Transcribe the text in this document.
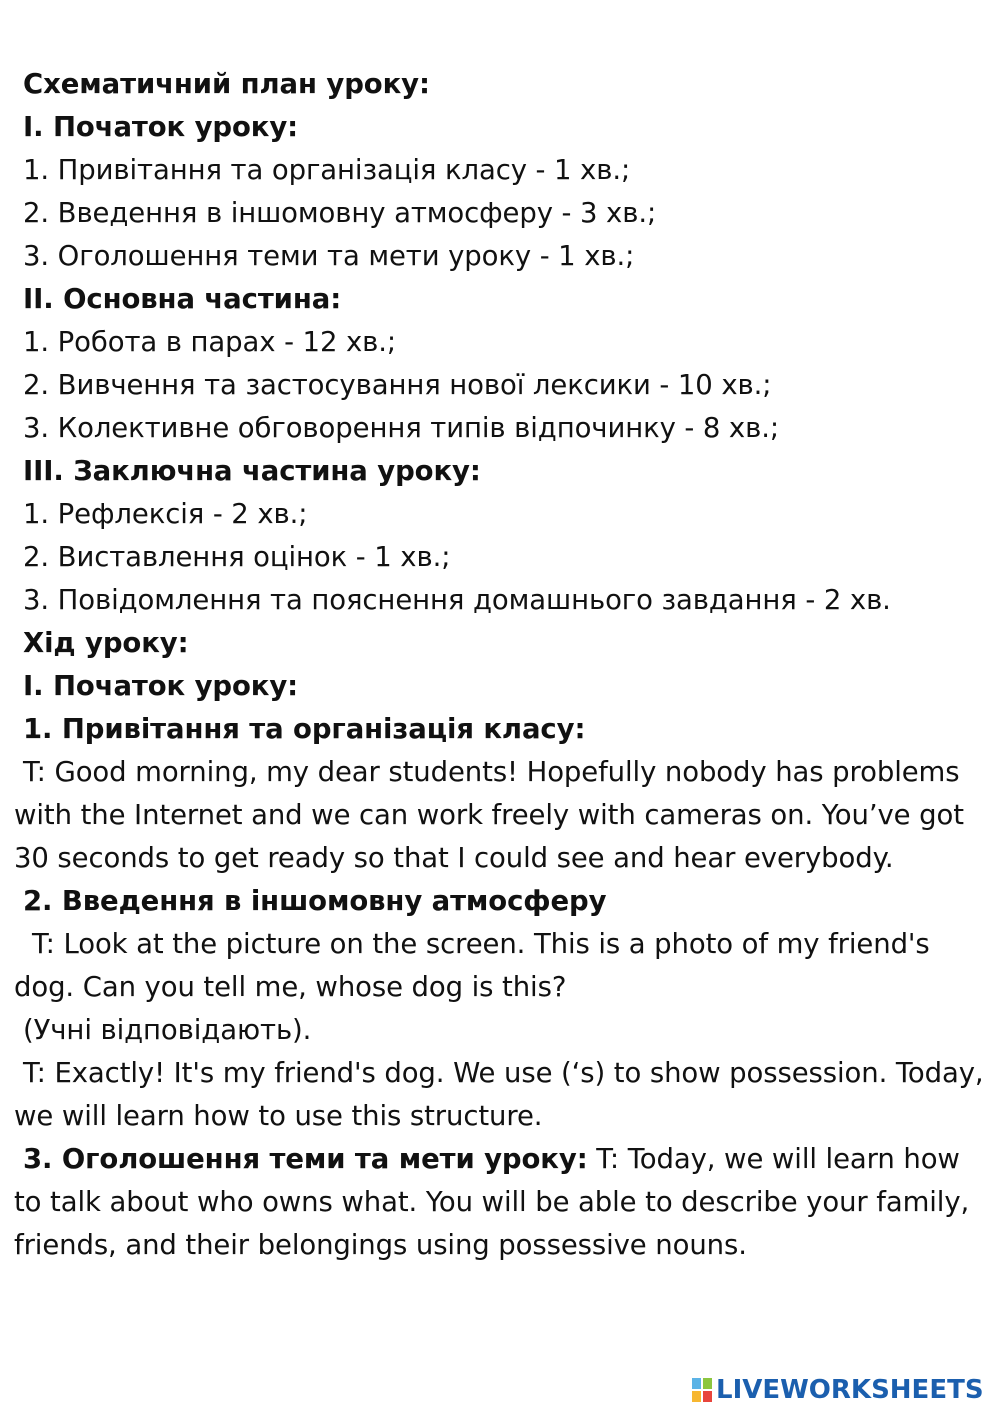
Схематичний план уроку:

I. Початок уроку:

1. Привітання та організація класу - 1 хв.;

2. Введення в іншомовну атмосферу - 3 хв.;

3. Оголошення теми та мети уроку - 1 хв.;

II. Основна частина:

1. Робота в парах - 12 хв.;

2. Вивчення та застосування нової лексики - 10 хв.;

3. Колективне обговорення типів відпочинку - 8 хв.;

III. Заключна частина уроку:

1. Рефлексія - 2 хв.;

2. Виставлення оцінок - 1 хв.;

3. Повідомлення та пояснення домашнього завдання - 2 хв.

Хід уроку:

I. Початок уроку:

1. Привітання та організація класу:

T: Good morning, my dear students! Hopefully nobody has problems with the Internet and we can work freely with cameras on. You’ve got 30 seconds to get ready so that I could see and hear everybody.

2. Введення в іншомовну атмосферу

T: Look at the picture on the screen. This is a photo of my friend's dog. Can you tell me, whose dog is this?

(Учні відповідають).

T: Exactly! It's my friend's dog. We use (‘s) to show possession. Today, we will learn how to use this structure.

3. Оголошення теми та мети уроку: T: Today, we will learn how to talk about who owns what. You will be able to describe your family, friends, and their belongings using possessive nouns.

LIVEWORKSHEETS
